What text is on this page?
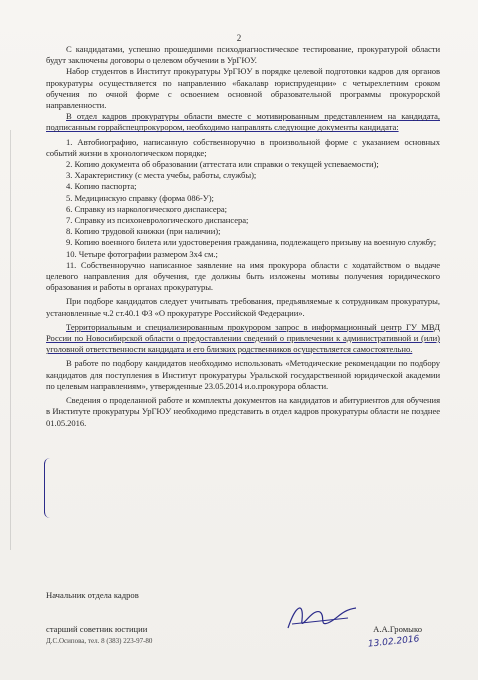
2

С кандидатами, успешно прошедшими психодиагностическое тестирование, прокуратурой области будут заключены договоры о целевом обучении в УрГЮУ.

Набор студентов в Институт прокуратуры УрГЮУ в порядке целевой подготовки кадров для органов прокуратуры осуществляется по направлению «бакалавр юриспруденции» с четырехлетним сроком обучения по очной форме с освоением основной образовательной программы прокурорской направленности.

В отдел кадров прокуратуры области вместе с мотивированным представлением на кандидата, подписанным горрайспецпрокурором, необходимо направлять следующие документы кандидата:

1. Автобиографию, написанную собственноручно в произвольной форме с указанием основных событий жизни в хронологическом порядке;
2. Копию документа об образовании (аттестата или справки о текущей успеваемости);
3. Характеристику (с места учебы, работы, службы);
4. Копию паспорта;
5. Медицинскую справку (форма 086-У);
6. Справку из наркологического диспансера;
7. Справку из психоневрологического диспансера;
8. Копию трудовой книжки (при наличии);
9. Копию военного билета или удостоверения гражданина, подлежащего призыву на военную службу;
10. Четыре фотографии размером 3х4 см.;
11. Собственноручно написанное заявление на имя прокурора области с ходатайством о выдаче целевого направления для обучения, где должны быть изложены мотивы получения юридического образования и работы в органах прокуратуры.

При подборе кандидатов следует учитывать требования, предъявляемые к сотрудникам прокуратуры, установленные ч.2 ст.40.1 ФЗ «О прокуратуре Российской Федерации».

Территориальным и специализированным прокурором запрос в информационный центр ГУ МВД России по Новосибирской области о предоставлении сведений о привлечении к административной и (или) уголовной ответственности кандидата и его близких родственников осуществляется самостоятельно.

В работе по подбору кандидатов необходимо использовать «Методические рекомендации по подбору кандидатов для поступления в Институт прокуратуры Уральской государственной юридической академии по целевым направлениям», утвержденные 23.05.2014 и.о.прокурора области.

Сведения о проделанной работе и комплекты документов на кандидатов и абитуриентов для обучения в Институте прокуратуры УрГЮУ необходимо представить в отдел кадров прокуратуры области не позднее 01.05.2016.

Начальник отдела кадров
старший советник юстиции	А.А.Громыко
Д.С.Осипова, тел. 8 (383) 223-97-80	13.02.2016
